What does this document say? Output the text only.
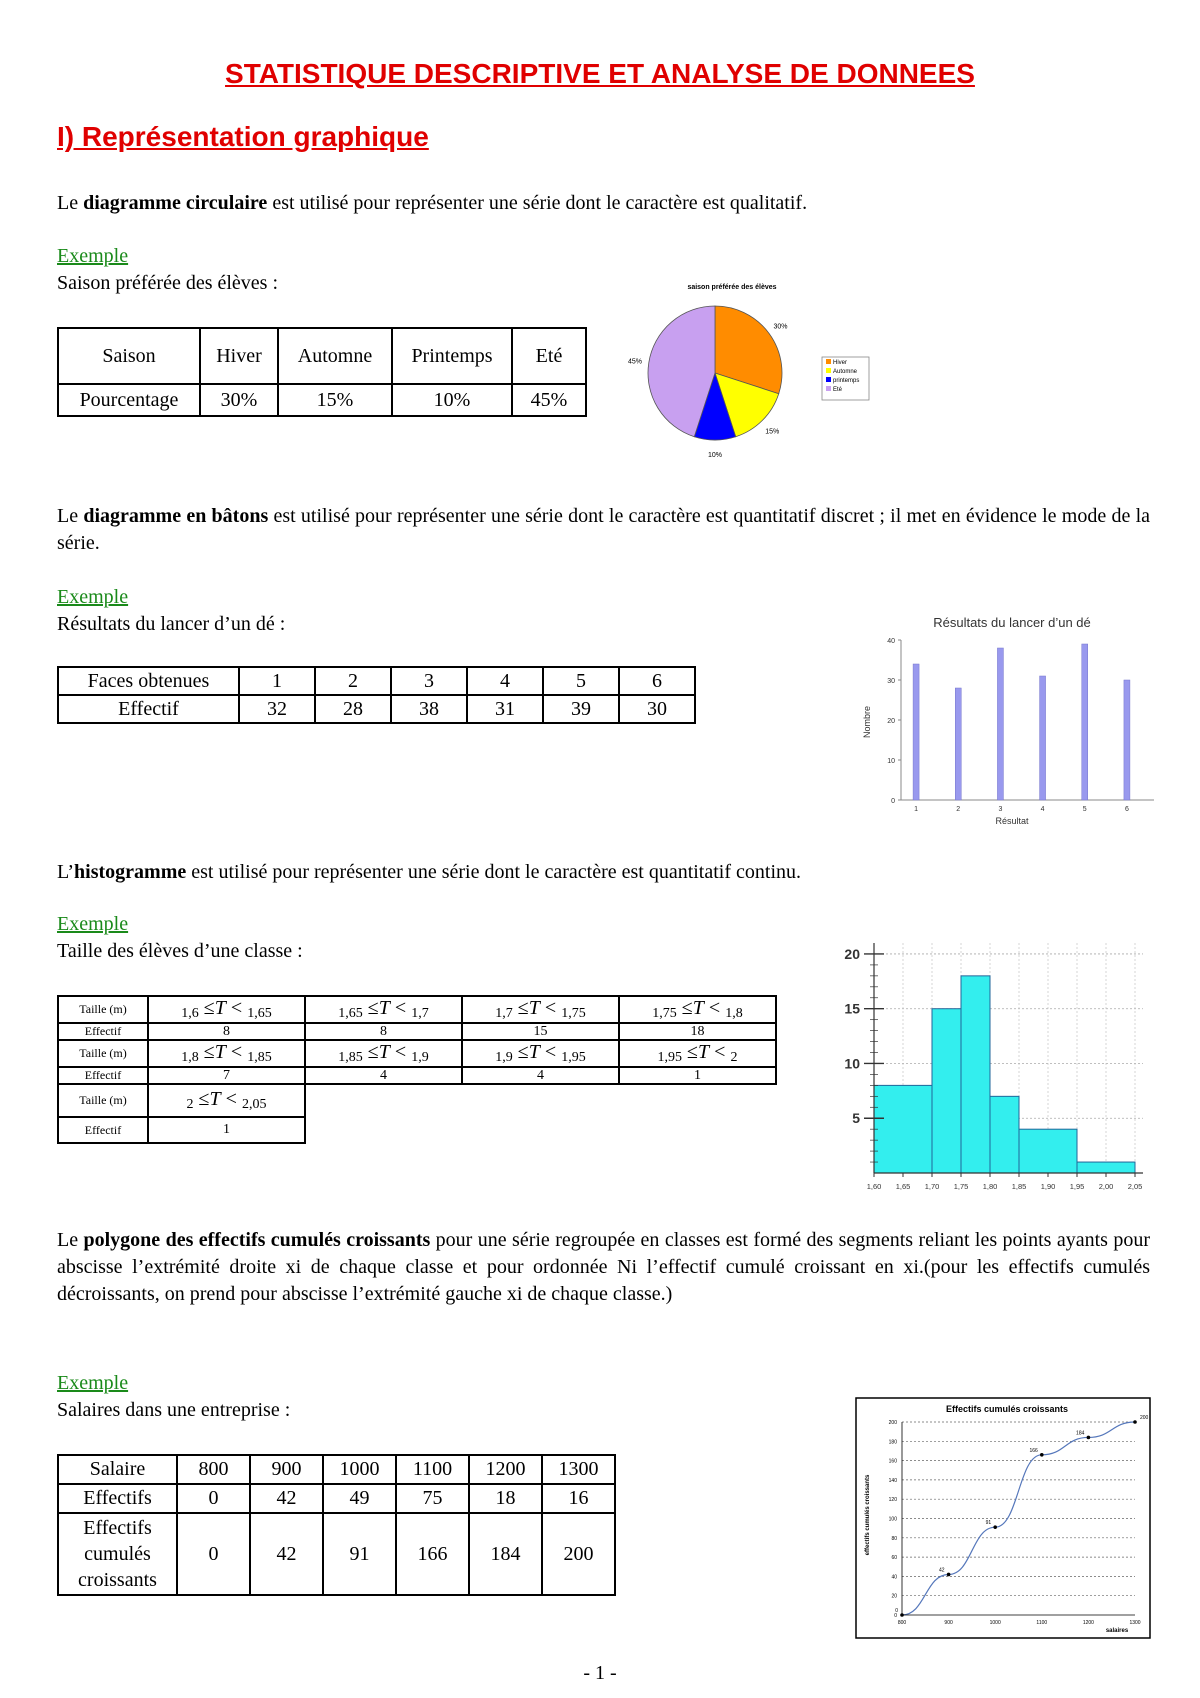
STATISTIQUE DESCRIPTIVE ET ANALYSE DE DONNEES
I) Représentation graphique
Le diagramme circulaire est utilisé pour représenter une série dont le caractère est qualitatif.
Exemple
Saison préférée des élèves :
Saison	Hiver	Automne	Printemps	Eté
Pourcentage	30%	15%	10%	45%
saison préférée des élèves
30%
15%
10%
45%	Hiver
Automne
printemps
Eté
Le diagramme en bâtons est utilisé pour représenter une série dont le caractère est quantitatif discret ; il met en évidence le mode de la série.
Exemple
Résultats du lancer d’un dé :
Faces obtenues	1	2	3	4	5	6
Effectif	32	28	38	31	39	30
Résultats du lancer d’un dé
0
10
20
30
40
1	2	3	4	5	6
Résultat
Nombre
L’histogramme est utilisé pour représenter une série dont le caractère est quantitatif continu.
Exemple
Taille des élèves d’une classe :
Taille (m)	1,6 ≤T < 1,65	1,65 ≤T < 1,7	1,7 ≤T < 1,75	1,75 ≤T < 1,8
Effectif	8	8	15	18
Taille (m)	1,8 ≤T < 1,85	1,85 ≤T < 1,9	1,9 ≤T < 1,95	1,95 ≤T < 2
Effectif	7	4	4	1
Taille (m)	2 ≤T < 2,05			
Effectif	1			
5
10
15
20
1,60 1,65 1,70 1,75 1,80 1,85 1,90 1,95 2,00 2,05
Le polygone des effectifs cumulés croissants pour une série regroupée en classes est formé des segments reliant les points ayants pour abscisse l’extrémité droite xi de chaque classe et pour ordonnée Ni l’effectif cumulé croissant en xi.(pour les effectifs cumulés décroissants, on prend pour abscisse l’extrémité gauche xi de chaque classe.)
Exemple
Salaires dans une entreprise :
Salaire	800	900	1000	1100	1200	1300
Effectifs	0	42	49	75	18	16
Effectifs cumulés croissants	0	42	91	166	184	200
Effectifs cumulés croissants
0
42
91
166
184
200
0
20
40
60
80
100
120
140
160
180
200
800	900	1000	1100	1200	1300
effectifs cumulés croissants
salaires
- 1 -
